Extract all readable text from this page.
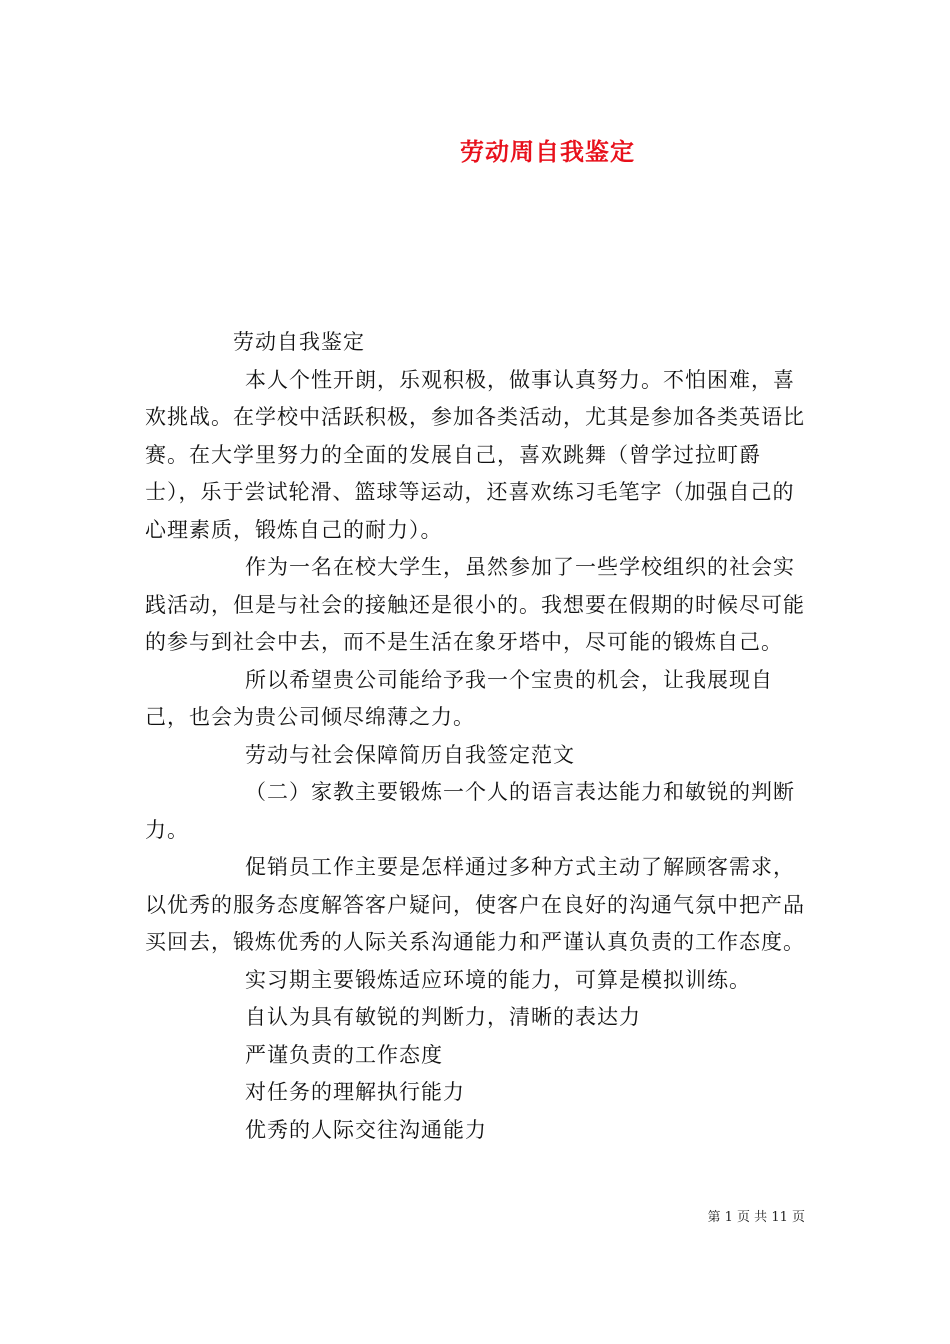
劳动周自我鉴定

劳动自我鉴定

本人个性开朗，乐观积极，做事认真努力。不怕困难，喜欢挑战。在学校中活跃积极，参加各类活动，尤其是参加各类英语比赛。在大学里努力的全面的发展自己，喜欢跳舞（曾学过拉町爵士），乐于尝试轮滑、篮球等运动，还喜欢练习毛笔字（加强自己的心理素质，锻炼自己的耐力）。

作为一名在校大学生，虽然参加了一些学校组织的社会实践活动，但是与社会的接触还是很小的。我想要在假期的时候尽可能的参与到社会中去，而不是生活在象牙塔中，尽可能的锻炼自己。

所以希望贵公司能给予我一个宝贵的机会，让我展现自己，也会为贵公司倾尽绵薄之力。

劳动与社会保障简历自我签定范文

（二）家教主要锻炼一个人的语言表达能力和敏锐的判断力。

促销员工作主要是怎样通过多种方式主动了解顾客需求，以优秀的服务态度解答客户疑问，使客户在良好的沟通气氛中把产品买回去，锻炼优秀的人际关系沟通能力和严谨认真负责的工作态度。

实习期主要锻炼适应环境的能力，可算是模拟训练。

自认为具有敏锐的判断力，清晰的表达力

严谨负责的工作态度

对任务的理解执行能力

优秀的人际交往沟通能力

第 1 页 共 11 页
